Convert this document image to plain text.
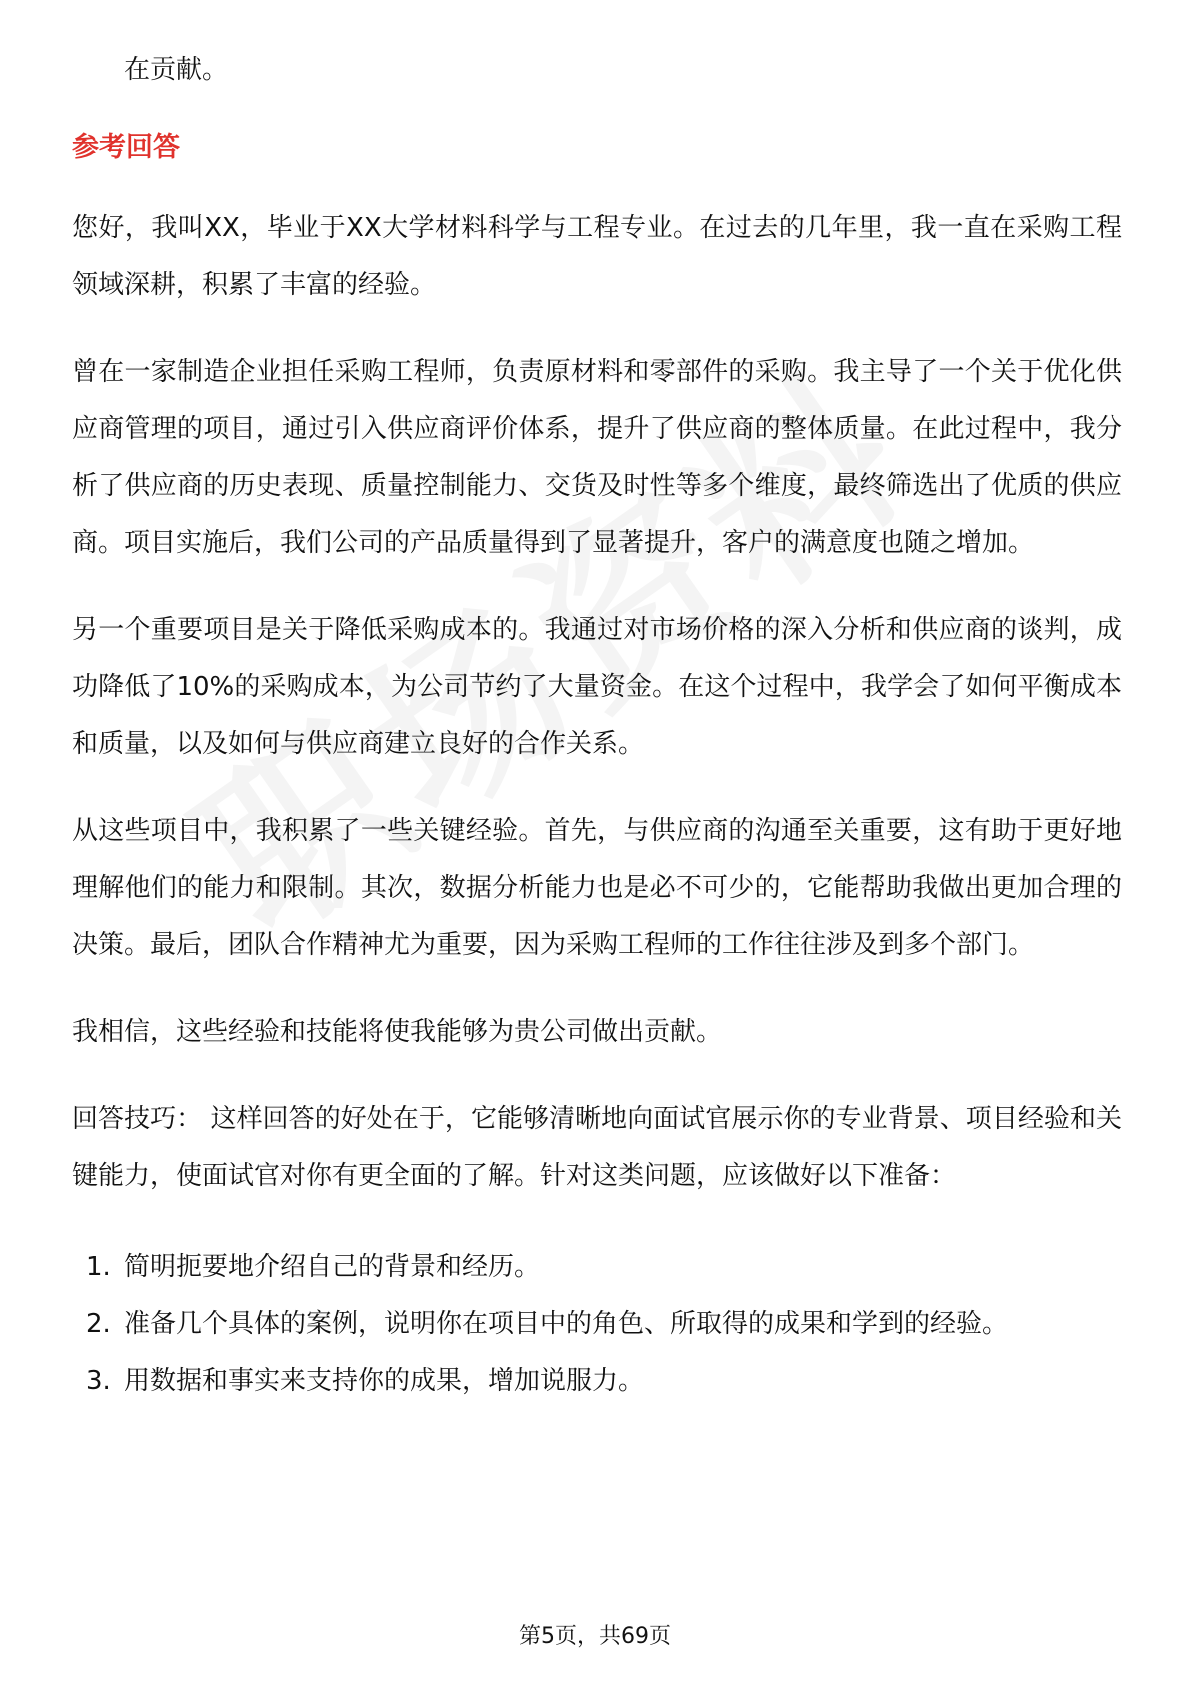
在贡献。

参考回答

您好，我叫XX，毕业于XX大学材料科学与工程专业。在过去的几年里，我一直在采购工程领域深耕，积累了丰富的经验。

曾在一家制造企业担任采购工程师，负责原材料和零部件的采购。我主导了一个关于优化供应商管理的项目，通过引入供应商评价体系，提升了供应商的整体质量。在此过程中，我分析了供应商的历史表现、质量控制能力、交货及时性等多个维度，最终筛选出了优质的供应商。项目实施后，我们公司的产品质量得到了显著提升，客户的满意度也随之增加。

另一个重要项目是关于降低采购成本的。我通过对市场价格的深入分析和供应商的谈判，成功降低了10%的采购成本，为公司节约了大量资金。在这个过程中，我学会了如何平衡成本和质量，以及如何与供应商建立良好的合作关系。

从这些项目中，我积累了一些关键经验。首先，与供应商的沟通至关重要，这有助于更好地理解他们的能力和限制。其次，数据分析能力也是必不可少的，它能帮助我做出更加合理的决策。最后，团队合作精神尤为重要，因为采购工程师的工作往往涉及到多个部门。

我相信，这些经验和技能将使我能够为贵公司做出贡献。

回答技巧： 这样回答的好处在于，它能够清晰地向面试官展示你的专业背景、项目经验和关键能力，使面试官对你有更全面的了解。针对这类问题，应该做好以下准备：

1. 简明扼要地介绍自己的背景和经历。
2. 准备几个具体的案例，说明你在项目中的角色、所取得的成果和学到的经验。
3. 用数据和事实来支持你的成果，增加说服力。
第5页，共69页
